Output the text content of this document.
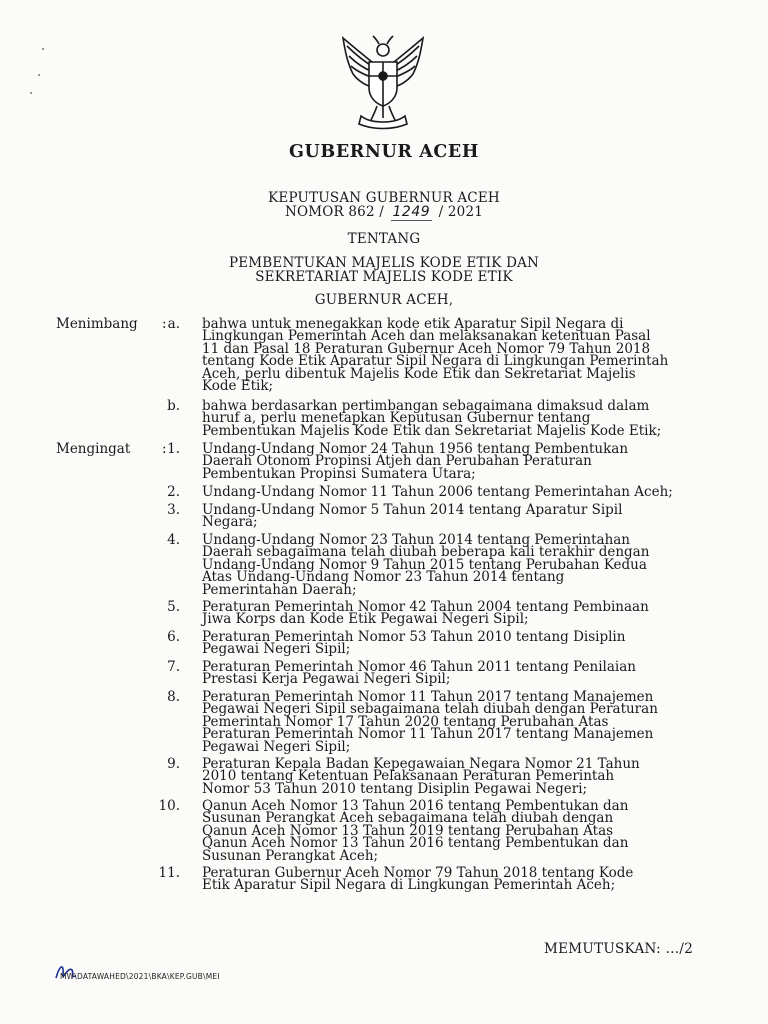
GUBERNUR ACEH
KEPUTUSAN GUBERNUR ACEH
NOMOR 862 / 1249 / 2021
TENTANG
PEMBENTUKAN MAJELIS KODE ETIK DAN
SEKRETARIAT MAJELIS KODE ETIK
GUBERNUR ACEH,
Menimbang	: a. bahwa untuk menegakkan kode etik Aparatur Sipil Negara di
Lingkungan Pemerintah Aceh dan melaksanakan ketentuan Pasal
11 dan Pasal 18 Peraturan Gubernur Aceh Nomor 79 Tahun 2018
tentang Kode Etik Aparatur Sipil Negara di Lingkungan Pemerintah
Aceh, perlu dibentuk Majelis Kode Etik dan Sekretariat Majelis
Kode Etik;
b. bahwa berdasarkan pertimbangan sebagaimana dimaksud dalam
huruf a, perlu menetapkan Keputusan Gubernur tentang
Pembentukan Majelis Kode Etik dan Sekretariat Majelis Kode Etik;
Mengingat	: 1. Undang-Undang Nomor 24 Tahun 1956 tentang Pembentukan
Daerah Otonom Propinsi Atjeh dan Perubahan Peraturan
Pembentukan Propinsi Sumatera Utara;
2. Undang-Undang Nomor 11 Tahun 2006 tentang Pemerintahan Aceh;
3. Undang-Undang Nomor 5 Tahun 2014 tentang Aparatur Sipil
Negara;
4. Undang-Undang Nomor 23 Tahun 2014 tentang Pemerintahan
Daerah sebagaimana telah diubah beberapa kali terakhir dengan
Undang-Undang Nomor 9 Tahun 2015 tentang Perubahan Kedua
Atas Undang-Undang Nomor 23 Tahun 2014 tentang
Pemerintahan Daerah;
5. Peraturan Pemerintah Nomor 42 Tahun 2004 tentang Pembinaan
Jiwa Korps dan Kode Etik Pegawai Negeri Sipil;
6. Peraturan Pemerintah Nomor 53 Tahun 2010 tentang Disiplin
Pegawai Negeri Sipil;
7. Peraturan Pemerintah Nomor 46 Tahun 2011 tentang Penilaian
Prestasi Kerja Pegawai Negeri Sipil;
8. Peraturan Pemerintah Nomor 11 Tahun 2017 tentang Manajemen
Pegawai Negeri Sipil sebagaimana telah diubah dengan Peraturan
Pemerintah Nomor 17 Tahun 2020 tentang Perubahan Atas
Peraturan Pemerintah Nomor 11 Tahun 2017 tentang Manajemen
Pegawai Negeri Sipil;
9. Peraturan Kepala Badan Kepegawaian Negara Nomor 21 Tahun
2010 tentang Ketentuan Pelaksanaan Peraturan Pemerintah
Nomor 53 Tahun 2010 tentang Disiplin Pegawai Negeri;
10. Qanun Aceh Nomor 13 Tahun 2016 tentang Pembentukan dan
Susunan Perangkat Aceh sebagaimana telah diubah dengan
Qanun Aceh Nomor 13 Tahun 2019 tentang Perubahan Atas
Qanun Aceh Nomor 13 Tahun 2016 tentang Pembentukan dan
Susunan Perangkat Aceh;
11. Peraturan Gubernur Aceh Nomor 79 Tahun 2018 tentang Kode
Etik Aparatur Sipil Negara di Lingkungan Pemerintah Aceh;
MEMUTUSKAN: .../2
MW\DATAWAHED\2021\BKA\KEP.GUB\MEI
